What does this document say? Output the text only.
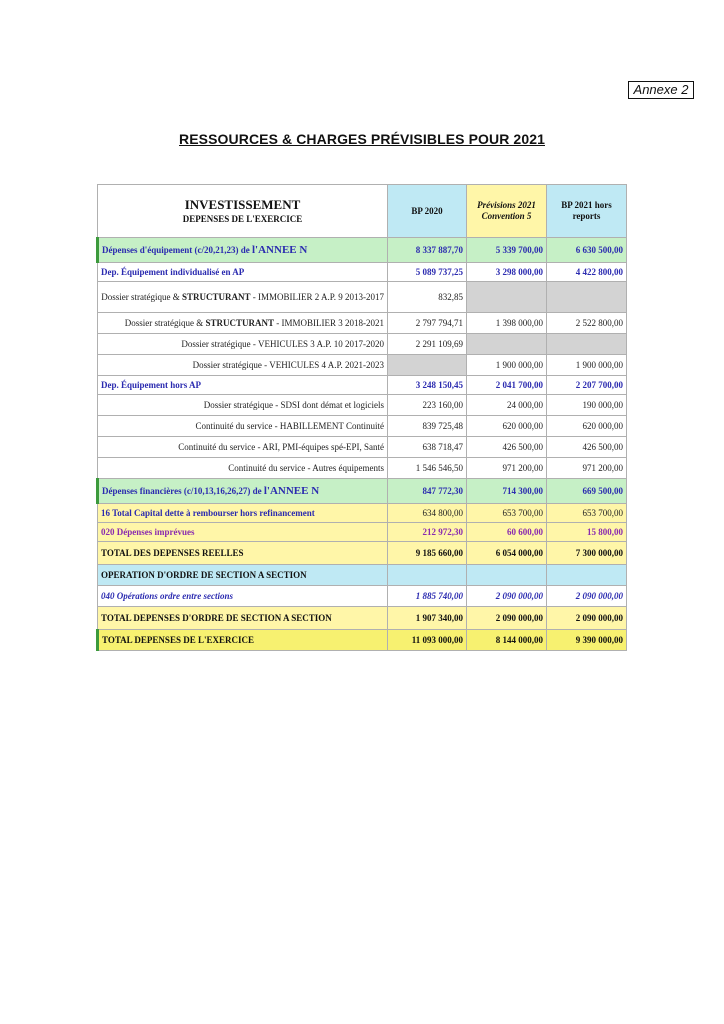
Annexe 2
RESSOURCES & CHARGES PRÉVISIBLES POUR 2021
INVESTISSEMENT
DEPENSES DE L'EXERCICE	BP 2020	Prévisions 2021 Convention 5	BP 2021 hors reports
Dépenses d'équipement (c/20,21,23) de l'ANNEE N	8 337 887,70	5 339 700,00	6 630 500,00
Dep. Équipement individualisé en AP	5 089 737,25	3 298 000,00	4 422 800,00
Dossier stratégique & STRUCTURANT - IMMOBILIER 2 A.P. 9 2013-2017	832,85		
Dossier stratégique & STRUCTURANT - IMMOBILIER 3 2018-2021	2 797 794,71	1 398 000,00	2 522 800,00
Dossier stratégique - VEHICULES 3 A.P. 10 2017-2020	2 291 109,69		
Dossier stratégique - VEHICULES 4 A.P. 2021-2023		1 900 000,00	1 900 000,00
Dep. Équipement hors AP	3 248 150,45	2 041 700,00	2 207 700,00
Dossier stratégique - SDSI dont démat et logiciels	223 160,00	24 000,00	190 000,00
Continuité du service - HABILLEMENT Continuité	839 725,48	620 000,00	620 000,00
Continuité du service - ARI, PMI-équipes spé-EPI, Santé	638 718,47	426 500,00	426 500,00
Continuité du service - Autres équipements	1 546 546,50	971 200,00	971 200,00
Dépenses financières (c/10,13,16,26,27) de l'ANNEE N	847 772,30	714 300,00	669 500,00
16 Total Capital dette à rembourser hors refinancement	634 800,00	653 700,00	653 700,00
020 Dépenses imprévues	212 972,30	60 600,00	15 800,00
TOTAL DES DEPENSES REELLES	9 185 660,00	6 054 000,00	7 300 000,00
OPERATION D'ORDRE DE SECTION A SECTION			
040 Opérations ordre entre sections	1 885 740,00	2 090 000,00	2 090 000,00
TOTAL DEPENSES D'ORDRE DE SECTION A SECTION	1 907 340,00	2 090 000,00	2 090 000,00
TOTAL DEPENSES DE L'EXERCICE	11 093 000,00	8 144 000,00	9 390 000,00
